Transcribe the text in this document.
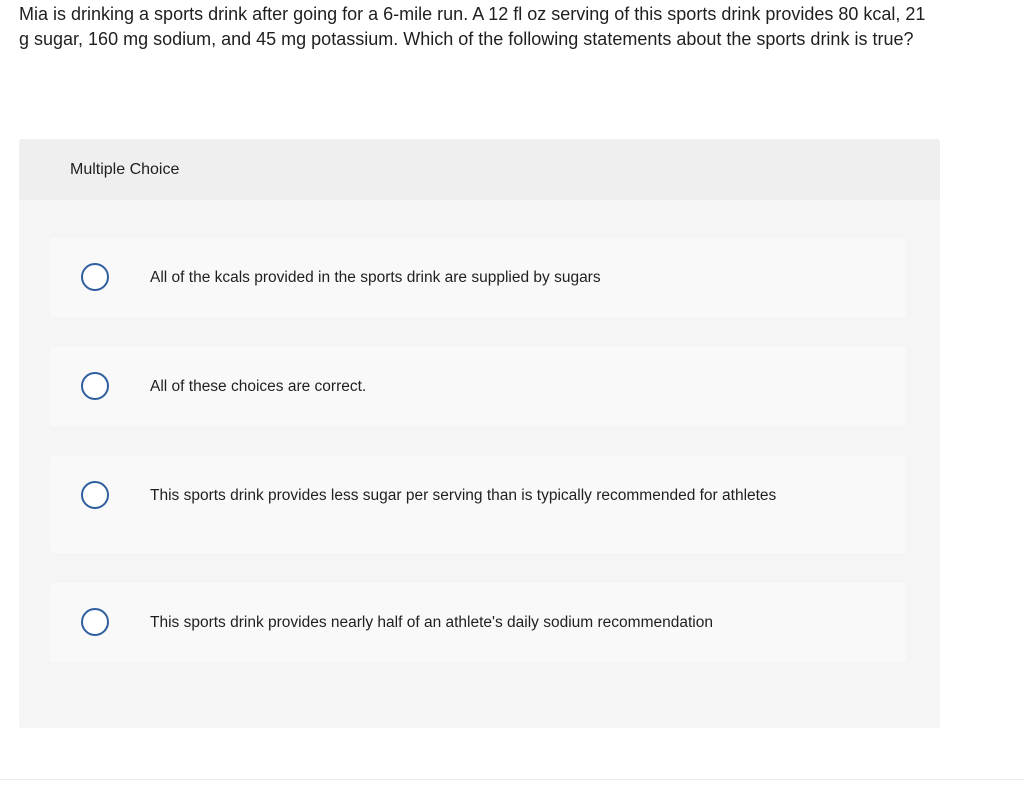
Mia is drinking a sports drink after going for a 6-mile run. A 12 fl oz serving of this sports drink provides 80 kcal, 21 g sugar, 160 mg sodium, and 45 mg potassium. Which of the following statements about the sports drink is true?

Multiple Choice
All of the kcals provided in the sports drink are supplied by sugars
All of these choices are correct.
This sports drink provides less sugar per serving than is typically recommended for athletes
This sports drink provides nearly half of an athlete's daily sodium recommendation
